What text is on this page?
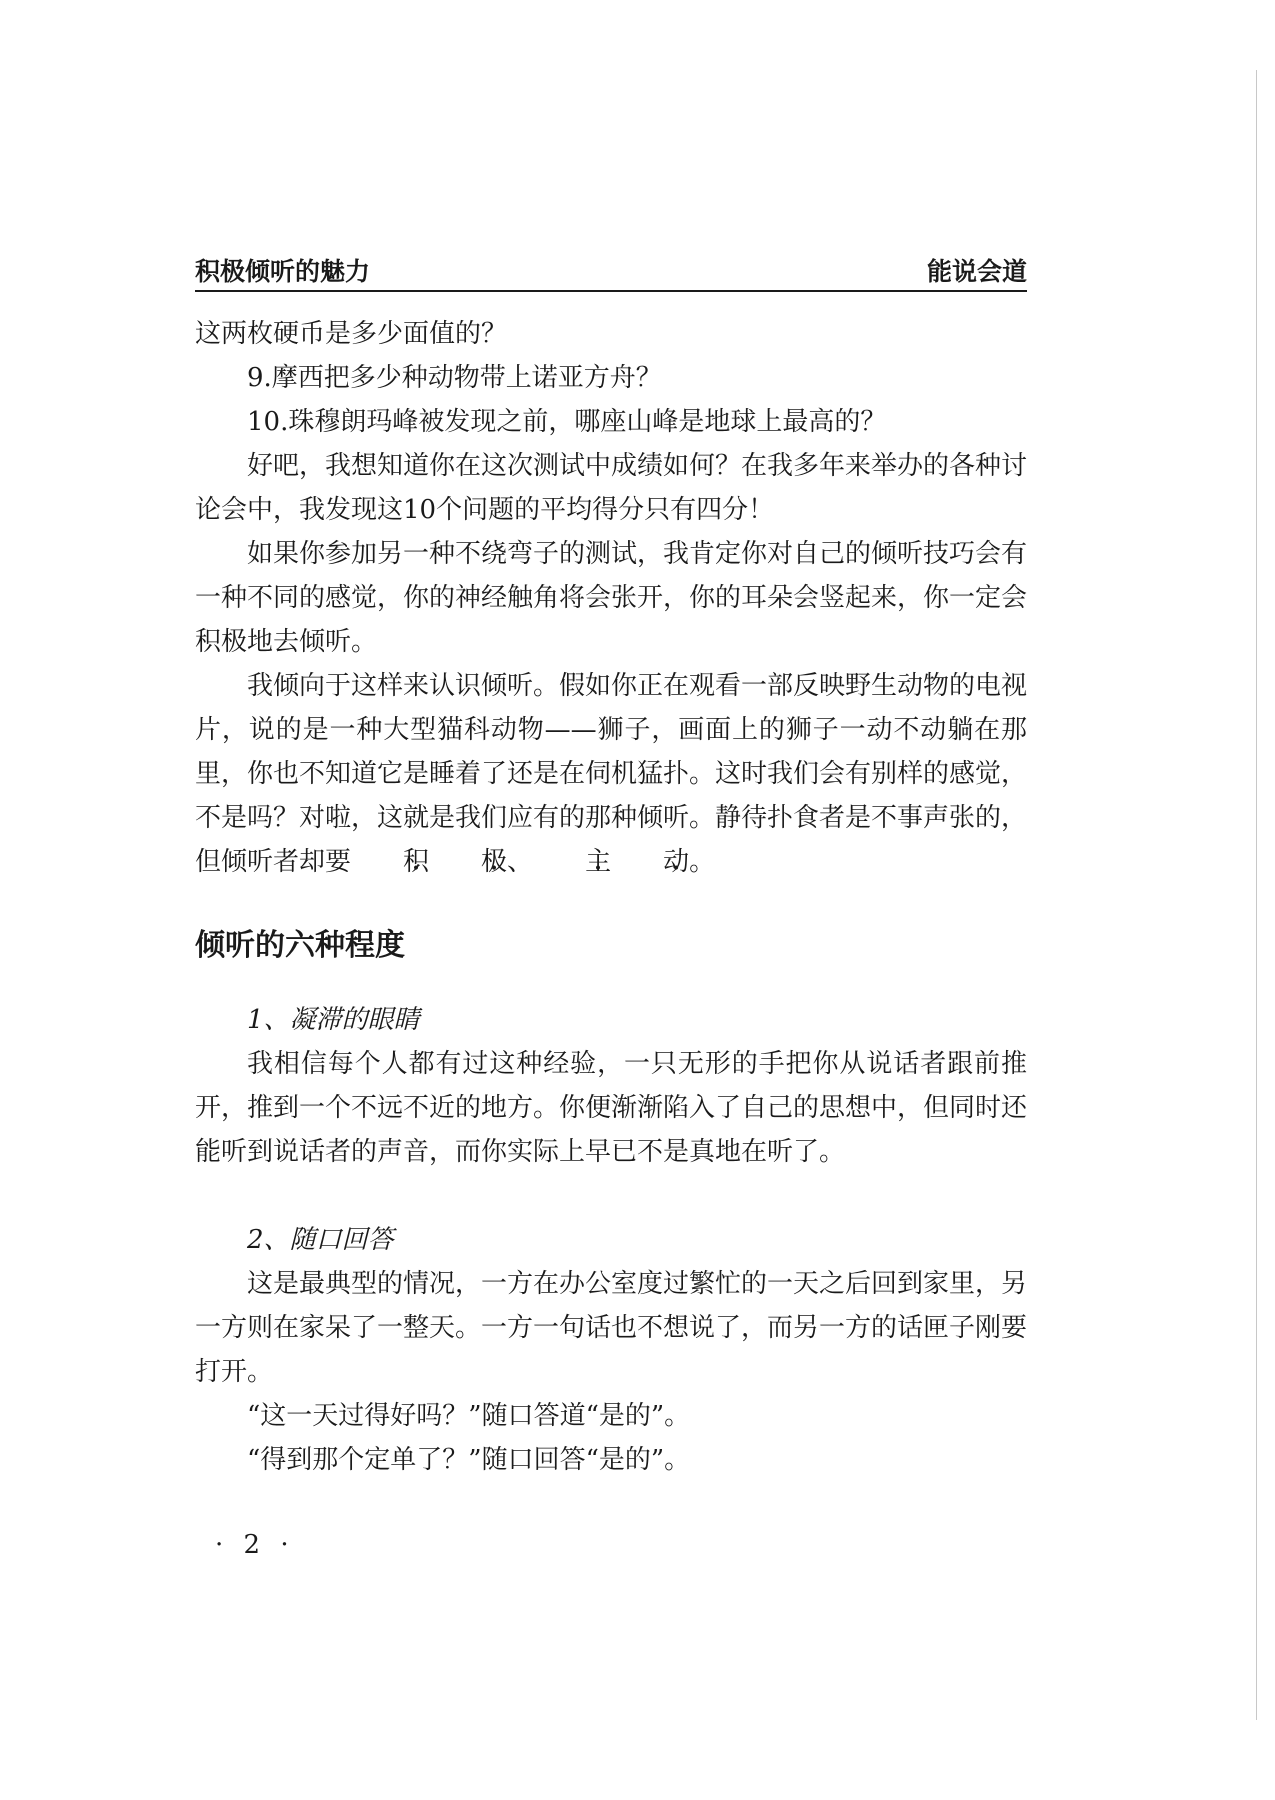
积极倾听的魅力	能说会道

这两枚硬币是多少面值的？

9.摩西把多少种动物带上诺亚方舟？

10.珠穆朗玛峰被发现之前，哪座山峰是地球上最高的？

好吧，我想知道你在这次测试中成绩如何？在我多年来举办的各种讨论会中，我发现这10个问题的平均得分只有四分！

如果你参加另一种不绕弯子的测试，我肯定你对自己的倾听技巧会有一种不同的感觉，你的神经触角将会张开，你的耳朵会竖起来，你一定会积极地去倾听。

我倾向于这样来认识倾听。假如你正在观看一部反映野生动物的电视片，说的是一种大型猫科动物——狮子，画面上的狮子一动不动躺在那里，你也不知道它是睡着了还是在伺机猛扑。这时我们会有别样的感觉，不是吗？对啦，这就是我们应有的那种倾听。静待扑食者是不事声张的，但倾听者却要 积 • 极 •、 主 • 动 •。

倾听的六种程度

1、凝滞的眼睛

我相信每个人都有过这种经验，一只无形的手把你从说话者跟前推开，推到一个不远不近的地方。你便渐渐陷入了自己的思想中，但同时还能听到说话者的声音，而你实际上早已不是真地在听了。

2、随口回答

这是最典型的情况，一方在办公室度过繁忙的一天之后回到家里，另一方则在家呆了一整天。一方一句话也不想说了，而另一方的话匣子刚要打开。

“这一天过得好吗？”随口答道“是的”。

“得到那个定单了？”随口回答“是的”。

· 2 ·
